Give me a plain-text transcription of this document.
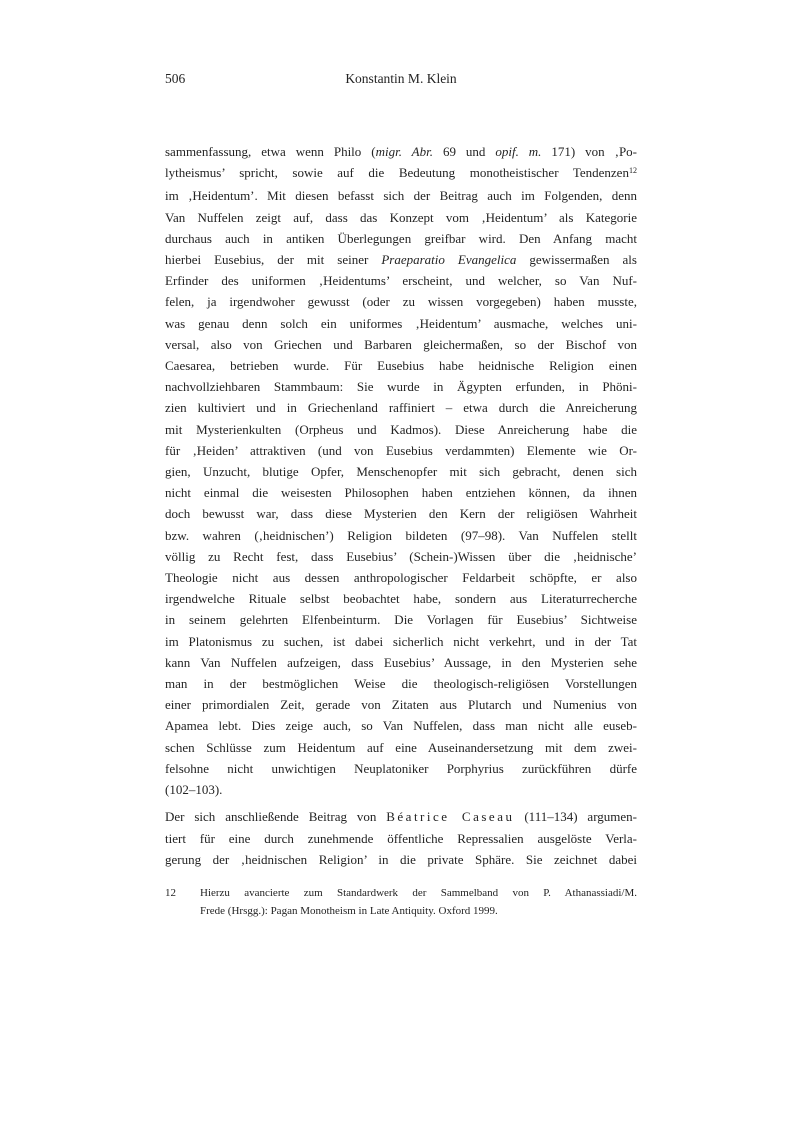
506	Konstantin M. Klein
sammenfassung, etwa wenn Philo (migr. Abr. 69 und opif. m. 171) von ‚Po-
lytheismus’ spricht, sowie auf die Bedeutung monotheistischer Tendenzen$^{12}$
im ‚Heidentum’. Mit diesen befasst sich der Beitrag auch im Folgenden, denn
Van Nuffelen zeigt auf, dass das Konzept vom ‚Heidentum’ als Kategorie
durchaus auch in antiken Überlegungen greifbar wird. Den Anfang macht
hierbei Eusebius, der mit seiner Praeparatio Evangelica gewissermaßen als
Erfinder des uniformen ‚Heidentums’ erscheint, und welcher, so Van Nuf-
felen, ja irgendwoher gewusst (oder zu wissen vorgegeben) haben musste,
was genau denn solch ein uniformes ‚Heidentum’ ausmache, welches uni-
versal, also von Griechen und Barbaren gleichermaßen, so der Bischof von
Caesarea, betrieben wurde. Für Eusebius habe heidnische Religion einen
nachvollziehbaren Stammbaum: Sie wurde in Ägypten erfunden, in Phöni-
zien kultiviert und in Griechenland raffiniert – etwa durch die Anreicherung
mit Mysterienkulten (Orpheus und Kadmos). Diese Anreicherung habe die
für ‚Heiden’ attraktiven (und von Eusebius verdammten) Elemente wie Or-
gien, Unzucht, blutige Opfer, Menschenopfer mit sich gebracht, denen sich
nicht einmal die weisesten Philosophen haben entziehen können, da ihnen
doch bewusst war, dass diese Mysterien den Kern der religiösen Wahrheit
bzw. wahren (‚heidnischen’) Religion bildeten (97–98). Van Nuffelen stellt
völlig zu Recht fest, dass Eusebius’ (Schein-)Wissen über die ‚heidnische’
Theologie nicht aus dessen anthropologischer Feldarbeit schöpfte, er also
irgendwelche Rituale selbst beobachtet habe, sondern aus Literaturrecherche
in seinem gelehrten Elfenbeinturm. Die Vorlagen für Eusebius’ Sichtweise
im Platonismus zu suchen, ist dabei sicherlich nicht verkehrt, und in der Tat
kann Van Nuffelen aufzeigen, dass Eusebius’ Aussage, in den Mysterien sehe
man in der bestmöglichen Weise die theologisch-religiösen Vorstellungen
einer primordialen Zeit, gerade von Zitaten aus Plutarch und Numenius von
Apamea lebt. Dies zeige auch, so Van Nuffelen, dass man nicht alle euseb-
schen Schlüsse zum Heidentum auf eine Auseinandersetzung mit dem zwei-
felsohne nicht unwichtigen Neuplatoniker Porphyrius zurückführen dürfe
(102–103).
Der sich anschließende Beitrag von Béatrice Caseau (111–134) argumen-
tiert für eine durch zunehmende öffentliche Repressalien ausgelöste Verla-
gerung der ‚heidnischen Religion’ in die private Sphäre. Sie zeichnet dabei
12 Hierzu avancierte zum Standardwerk der Sammelband von P. Athanassiadi/M.
Frede (Hrsgg.): Pagan Monotheism in Late Antiquity. Oxford 1999.
